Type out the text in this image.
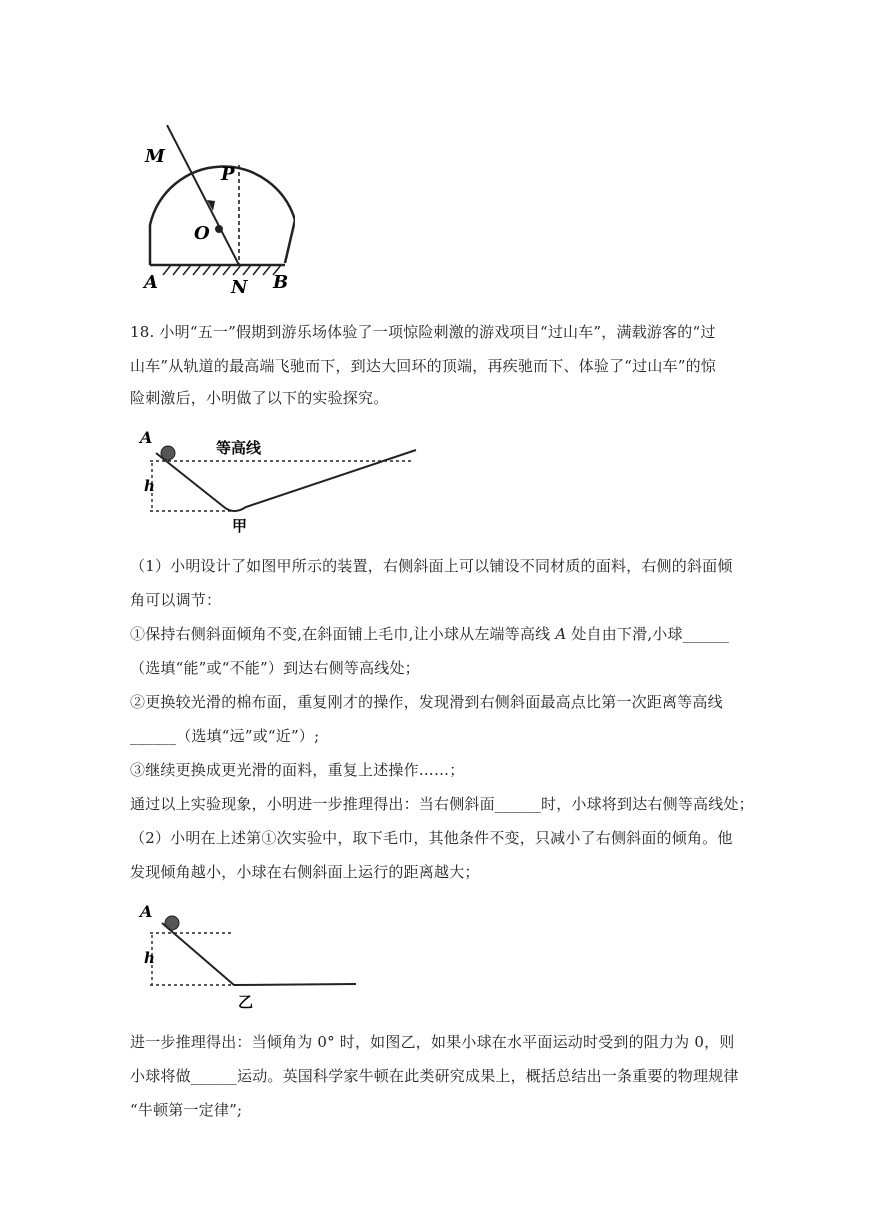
M
P
O
A	N B
18. 小明“五一”假期到游乐场体验了一项惊险刺激的游戏项目“过山车”，满载游客的“过
山车”从轨道的最高端飞驰而下，到达大回环的顶端，再疾驰而下、体验了“过山车”的惊
险刺激后，小明做了以下的实验探究。
A
h
等高线
甲
（1）小明设计了如图甲所示的装置，右侧斜面上可以铺设不同材质的面料，右侧的斜面倾
角可以调节：
①保持右侧斜面倾角不变,在斜面铺上毛巾,让小球从左端等高线 A 处自由下滑,小球______
（选填“能”或“不能”）到达右侧等高线处；
②更换较光滑的棉布面，重复刚才的操作，发现滑到右侧斜面最高点比第一次距离等高线
______（选填“远”或“近”）;
③继续更换成更光滑的面料，重复上述操作……；
通过以上实验现象，小明进一步推理得出：当右侧斜面______时，小球将到达右侧等高线处；
（2）小明在上述第①次实验中，取下毛巾，其他条件不变，只减小了右侧斜面的倾角。他
发现倾角越小，小球在右侧斜面上运行的距离越大；
A
h
乙
进一步推理得出：当倾角为 0° 时，如图乙，如果小球在水平面运动时受到的阻力为 0，则
小球将做______运动。英国科学家牛顿在此类研究成果上，概括总结出一条重要的物理规律
“牛顿第一定律”;
